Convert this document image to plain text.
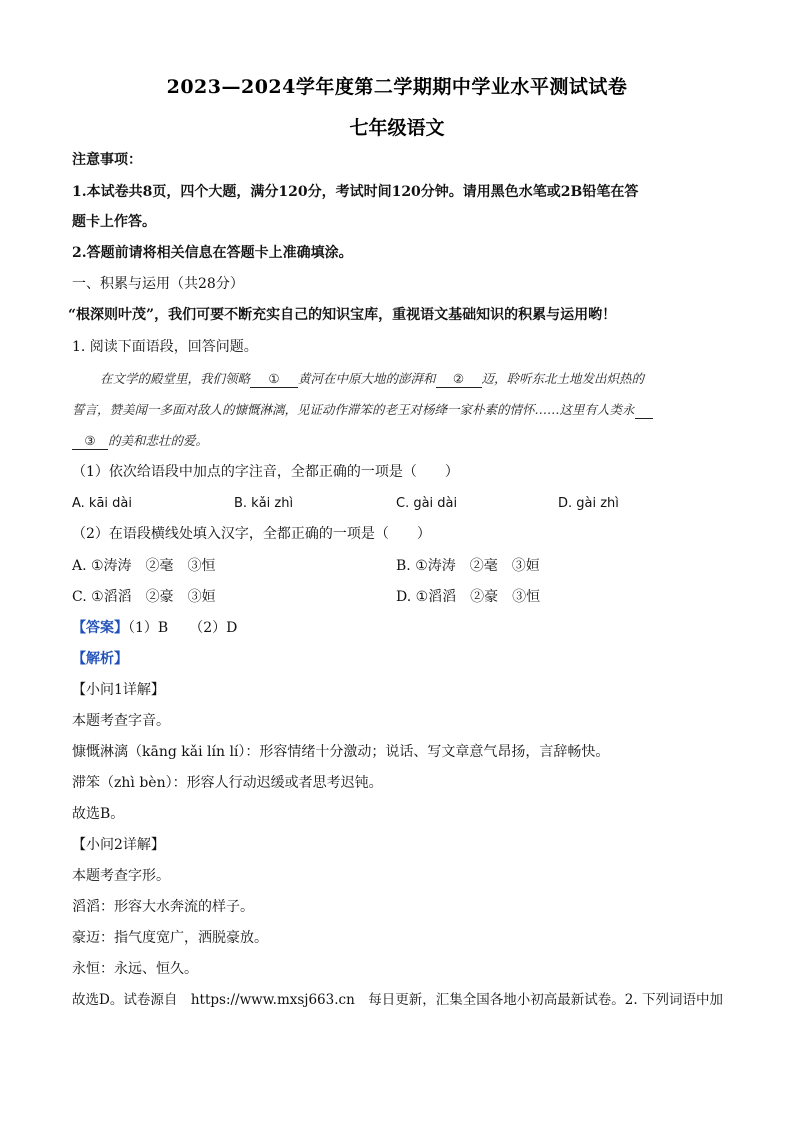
2023—2024学年度第二学期期中学业水平测试试卷
七年级语文
注意事项：
1.本试卷共8页，四个大题，满分120分，考试时间120分钟。请用黑色水笔或2B铅笔在答
题卡上作答。
2.答题前请将相关信息在答题卡上准确填涂。
一、积累与运用（共28分）
“根深则叶茂”，我们可要不断充实自己的知识宝库，重视语文基础知识的积累与运用哟！
1. 阅读下面语段，回答问题。
在文学的殿堂里，我们领略 ① 黄河在中原大地的澎湃和 ② 迈，聆听东北土地发出炽热的
誓言，赞美闻一多面对敌人的慷慨淋漓，见证动作滞笨的老王对杨绛一家朴素的情怀……这里有人类永
③ 的美和悲壮的爱。
（1）依次给语段中加点的字注音，全都正确的一项是（　　）
A. kāi dài	B. kǎi zhì	C. gài dài	D. gài zhì
（2）在语段横线处填入汉字，全都正确的一项是（　　）
A. ①涛涛　②毫　③恒	B. ①涛涛　②毫　③姮
C. ①滔滔　②豪　③姮	D. ①滔滔　②豪　③恒
【答案】（1）B　　（2）D
【解析】
【小问1详解】
本题考查字音。
慷慨淋漓（kāng kǎi lín lí）：形容情绪十分激动；说话、写文章意气昂扬，言辞畅快。
滞笨（zhì bèn）：形容人行动迟缓或者思考迟钝。
故选B。
【小问2详解】
本题考查字形。
滔滔：形容大水奔流的样子。
豪迈：指气度宽广，洒脱豪放。
永恒：永远、恒久。
故选D。试卷源自　https://www.mxsj663.cn　每日更新，汇集全国各地小初高最新试卷。2. 下列词语中加
